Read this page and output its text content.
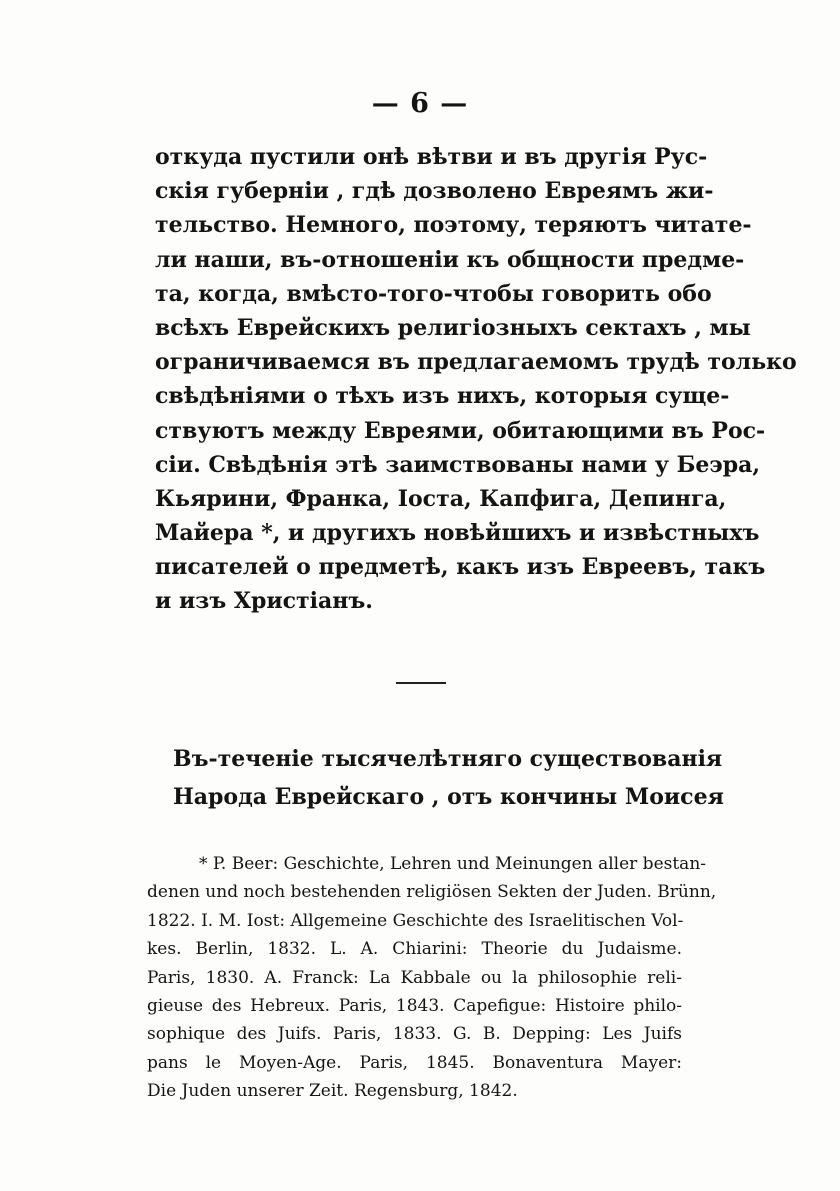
— 6 —
откуда пустили онѣ вѣтви и въ другія Рус-
скія губерніи , гдѣ дозволено Евреямъ жи-
тельство. Немного, поэтому, теряютъ читате-
ли наши, въ-отношеніи къ общности предме-
та, когда, вмѣсто-того-чтобы говорить обо
всѣхъ Еврейскихъ религіозныхъ сектахъ , мы
ограничиваемся въ предлагаемомъ трудѣ только
свѣдѣніями о тѣхъ изъ нихъ, которыя суще-
ствуютъ между Евреями, обитающими въ Рос-
сіи. Свѣдѣнія этѣ заимствованы нами у Беэра,
Кьярини, Франка, Іоста, Капфига, Депинга,
Майера *, и другихъ новѣйшихъ и извѣстныхъ
писателей о предметѣ, какъ изъ Евреевъ, такъ
и изъ Христіанъ.
Въ-теченіе тысячелѣтняго существованія
Народа Еврейскаго , отъ кончины Моисея
* P. Beer: Geschichte, Lehren und Meinungen aller bestan-
denen und noch bestehenden religiösen Sekten der Juden. Brünn,
1822. I. M. Iost: Allgemeine Geschichte des Israelitischen Vol-
kes. Berlin, 1832. L. A. Chiarini: Theorie du Judaisme.
Paris, 1830. A. Franck: La Kabbale ou la philosophie reli-
gieuse des Hebreux. Paris, 1843. Capefigue: Histoire philo-
sophique des Juifs. Paris, 1833. G. B. Depping: Les Juifs
pans le Moyen-Age. Paris, 1845. Bonaventura Mayer:
Die Juden unserer Zeit. Regensburg, 1842.
